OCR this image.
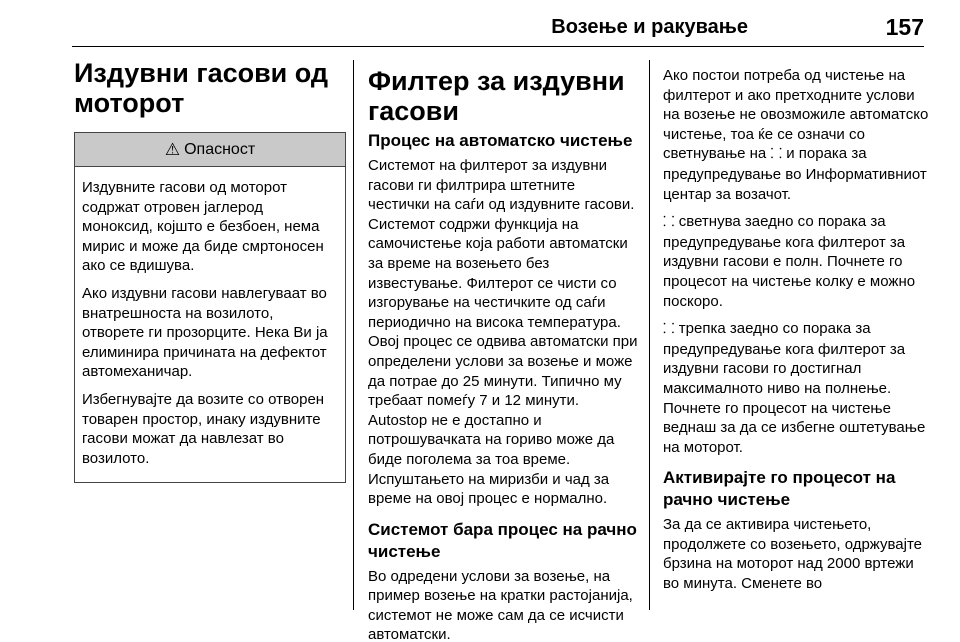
Возење и ракување	157
Издувни гасови од моторот
⚠ Опасност

Издувните гасови од моторот содржат отровен јаглерод моноксид, којшто е безбоен, нема мирис и може да биде смртоносен ако се вдишува.

Ако издувни гасови навлегуваат во внатрешноста на возилото, отворете ги прозорците. Нека Ви ја елиминира причината на дефектот автомеханичар.

Избегнувајте да возите со отворен товарен простор, инаку издувните гасови можат да навлезат во возилото.

Филтер за издувни гасови
Процес на автоматско чистење

Системот на филтерот за издувни гасови ги филтрира штетните честички на саѓи од издувните гасови. Системот содржи функција на самочистење која работи автоматски за време на возењето без известување. Филтерот се чисти со изгорување на честичките од саѓи периодично на висока температура. Овој процес се одвива автоматски при определени услови за возење и може да потрае до 25 минути. Типично му требаат помеѓу 7 и 12 минути. Autostop не е достапно и потрошувачката на гориво може да биде поголема за тоа време. Испуштањето на миризби и чад за време на овој процес е нормално.

Системот бара процес на рачно чистење

Во одредени услови за возење, на пример возење на кратки растојанија, системот не може сам да се исчисти автоматски.

Ако постои потреба од чистење на филтерот и ако претходните услови на возење не овозможиле автоматско чистење, тоа ќе се означи со светнување на ⸬ и порака за предупредување во Информативниот центар за возачот.

⸬ светнува заедно со порака за предупредување кога филтерот за издувни гасови е полн. Почнете го процесот на чистење колку е можно поскоро.

⸬ трепка заедно со порака за предупредување кога филтерот за издувни гасови го достигнал максималното ниво на полнење. Почнете го процесот на чистење веднаш за да се избегне оштетување на моторот.

Активирајте го процесот на рачно чистење

За да се активира чистењето, продолжете со возењето, одржувајте брзина на моторот над 2000 вртежи во минута. Сменете во
